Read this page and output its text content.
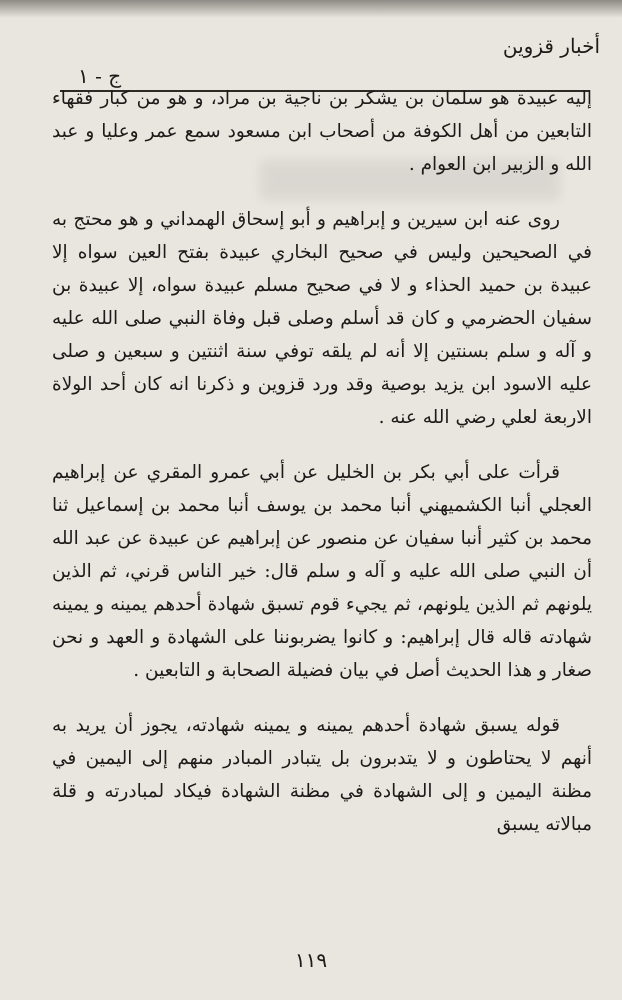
أخبار قزوين
ج - ١

إليه عبيدة هو سلمان بن يشكر بن ناجية بن مراد، و هو من كبار فقهاء التابعين من أهل الكوفة من أصحاب ابن مسعود سمع عمر وعليا و عبد الله و الزبير ابن العوام .

روى عنه ابن سيرين و إبراهيم و أبو إسحاق الهمداني و هو محتج به في الصحيحين وليس في صحيح البخاري عبيدة بفتح العين سواه إلا عبيدة بن حميد الحذاء و لا في صحيح مسلم عبيدة سواه، إلا عبيدة بن سفيان الحضرمي و كان قد أسلم وصلى قبل وفاة النبي صلى الله عليه و آله و سلم بسنتين إلا أنه لم يلقه توفي سنة اثنتين و سبعين و صلى عليه الاسود ابن يزيد بوصية وقد ورد قزوين و ذكرنا انه كان أحد الولاة الاربعة لعلي رضي الله عنه .

قرأت على أبي بكر بن الخليل عن أبي عمرو المقري عن إبراهيم العجلي أنبا الكشميهني أنبا محمد بن يوسف أنبا محمد بن إسماعيل ثنا محمد بن كثير أنبا سفيان عن منصور عن إبراهيم عن عبيدة عن عبد الله أن النبي صلى الله عليه و آله و سلم قال: خير الناس قرني، ثم الذين يلونهم ثم الذين يلونهم، ثم يجيء قوم تسبق شهادة أحدهم يمينه و يمينه شهادته قاله قال إبراهيم: و كانوا يضربوننا على الشهادة و العهد و نحن صغار و هذا الحديث أصل في بيان فضيلة الصحابة و التابعين .

قوله يسبق شهادة أحدهم يمينه و يمينه شهادته، يجوز أن يريد به أنهم لا يحتاطون و لا يتدبرون بل يتبادر المبادر منهم إلى اليمين في مظنة اليمين و إلى الشهادة في مظنة الشهادة فيكاد لمبادرته و قلة مبالاته يسبق

١١٩
